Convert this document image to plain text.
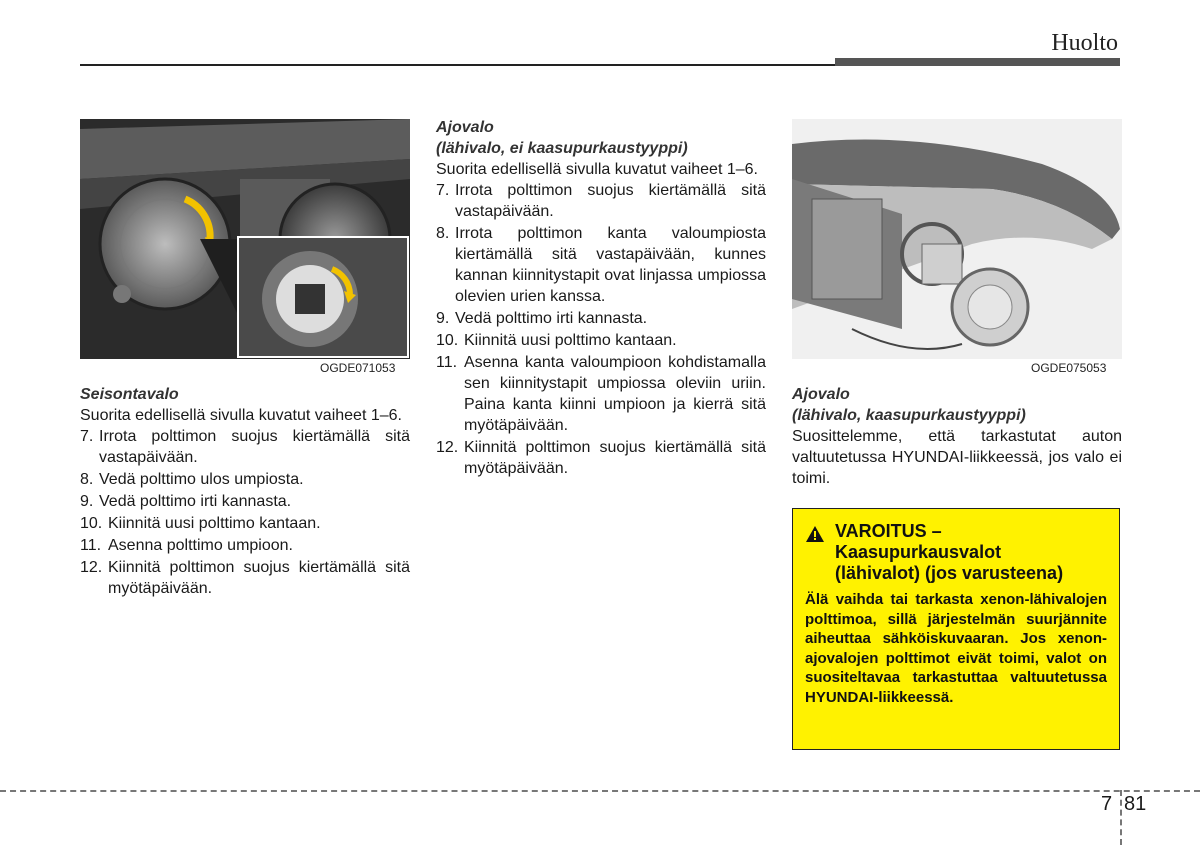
Huolto
OGDE071053	OGDE075053

Seisontavalo

Suorita edellisellä sivulla kuvatut vaiheet 1–6.

7. Irrota polttimon suojus kiertämällä sitä vastapäivään.
8. Vedä polttimo ulos umpiosta.
9. Vedä polttimo irti kannasta.
10. Kiinnitä uusi polttimo kantaan.
11. Asenna polttimo umpioon.
12. Kiinnitä polttimon suojus kiertämällä sitä myötäpäivään.

Ajovalo

(lähivalo, ei kaasupurkaustyyppi)

Suorita edellisellä sivulla kuvatut vaiheet 1–6.

7. Irrota polttimon suojus kiertämällä sitä vastapäivään.
8. Irrota polttimon kanta valoumpiosta kiertämällä sitä vastapäivään, kunnes kannan kiinnitystapit ovat linjassa umpiossa olevien urien kanssa.
9. Vedä polttimo irti kannasta.
10. Kiinnitä uusi polttimo kantaan.
11. Asenna kanta valoumpioon kohdistamalla sen kiinnitystapit umpiossa oleviin uriin. Paina kanta kiinni umpioon ja kierrä sitä myötäpäivään.
12. Kiinnitä polttimon suojus kiertämällä sitä myötäpäivään.

Ajovalo

(lähivalo, kaasupurkaustyyppi)

Suosittelemme, että tarkastutat auton valtuutetussa HYUNDAI-liikkeessä, jos valo ei toimi.

VAROITUS –
Kaasupurkausvalot
(lähivalot) (jos varusteena)
Älä vaihda tai tarkasta xenon-lähivalojen polttimoa, sillä järjestelmän suurjännite aiheuttaa sähköiskuvaaran. Jos xenon-ajovalojen polttimot eivät toimi, valot on suositeltavaa tarkastuttaa valtuutetussa HYUNDAI-liikkeessä.
7 81
